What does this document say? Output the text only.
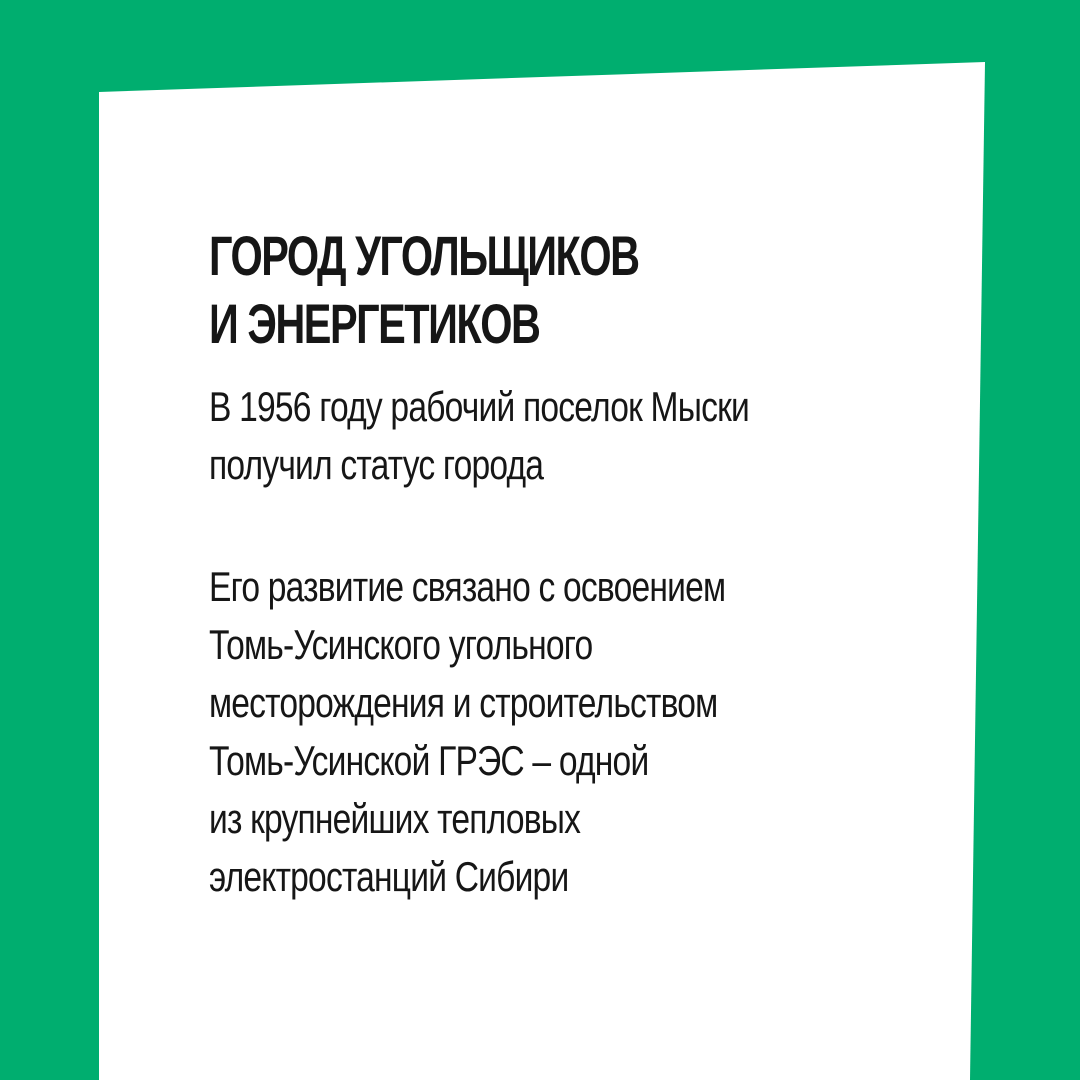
ГОРОД УГОЛЬЩИКОВ
И ЭНЕРГЕТИКОВ

В 1956 году рабочий поселок Мыски
получил статус города

Его развитие связано с освоением
Томь-Усинского угольного
месторождения и строительством
Томь-Усинской ГРЭС – одной
из крупнейших тепловых
электростанций Сибири
